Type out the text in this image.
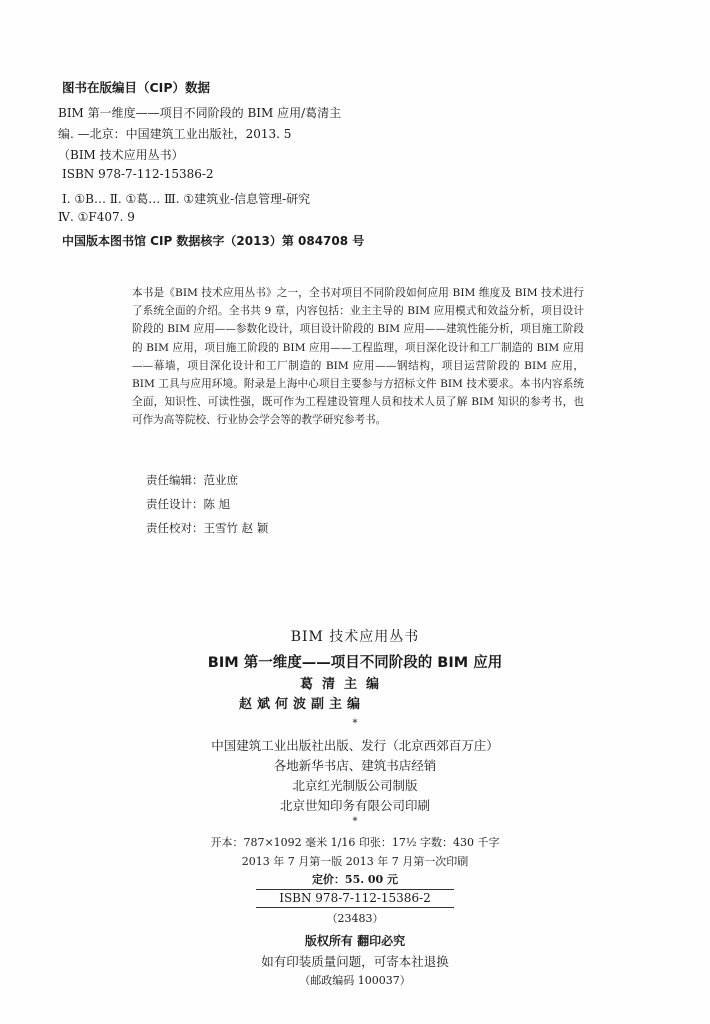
图书在版编目（CIP）数据
BIM 第一维度——项目不同阶段的 BIM 应用/葛清主
编. —北京：中国建筑工业出版社，2013. 5
（BIM 技术应用丛书）
ISBN 978-7-112-15386-2
Ⅰ. ①B… Ⅱ. ①葛… Ⅲ. ①建筑业-信息管理-研究
Ⅳ. ①F407. 9
中国版本图书馆 CIP 数据核字（2013）第 084708 号
本书是《BIM 技术应用丛书》之一，全书对项目不同阶段如何应用 BIM 维度及 BIM 技术进行了系统全面的介绍。全书共 9 章，内容包括：业主主导的 BIM 应用模式和效益分析，项目设计阶段的 BIM 应用——参数化设计，项目设计阶段的 BIM 应用——建筑性能分析，项目施工阶段的 BIM 应用，项目施工阶段的 BIM 应用——工程监理，项目深化设计和工厂制造的 BIM 应用——幕墙，项目深化设计和工厂制造的 BIM 应用——钢结构，项目运营阶段的 BIM 应用，BIM 工具与应用环境。附录是上海中心项目主要参与方招标文件 BIM 技术要求。本书内容系统全面，知识性、可读性强，既可作为工程建设管理人员和技术人员了解 BIM 知识的参考书，也可作为高等院校、行业协会学会等的教学研究参考书。
责任编辑：范业庶
责任设计：陈 旭
责任校对：王雪竹 赵 颖
BIM 技术应用丛书
BIM 第一维度——项目不同阶段的 BIM 应用
葛清主编
赵斌何波副主编
*
中国建筑工业出版社出版、发行（北京西郊百万庄）
各地新华书店、建筑书店经销
北京红光制版公司制版
北京世知印务有限公司印刷
*
开本：787×1092 毫米 1/16 印张：17½ 字数：430 千字
2013 年 7 月第一版 2013 年 7 月第一次印刷
定价：55. 00 元
ISBN 978-7-112-15386-2
（23483）
版权所有 翻印必究
如有印装质量问题，可寄本社退换
（邮政编码 100037）
